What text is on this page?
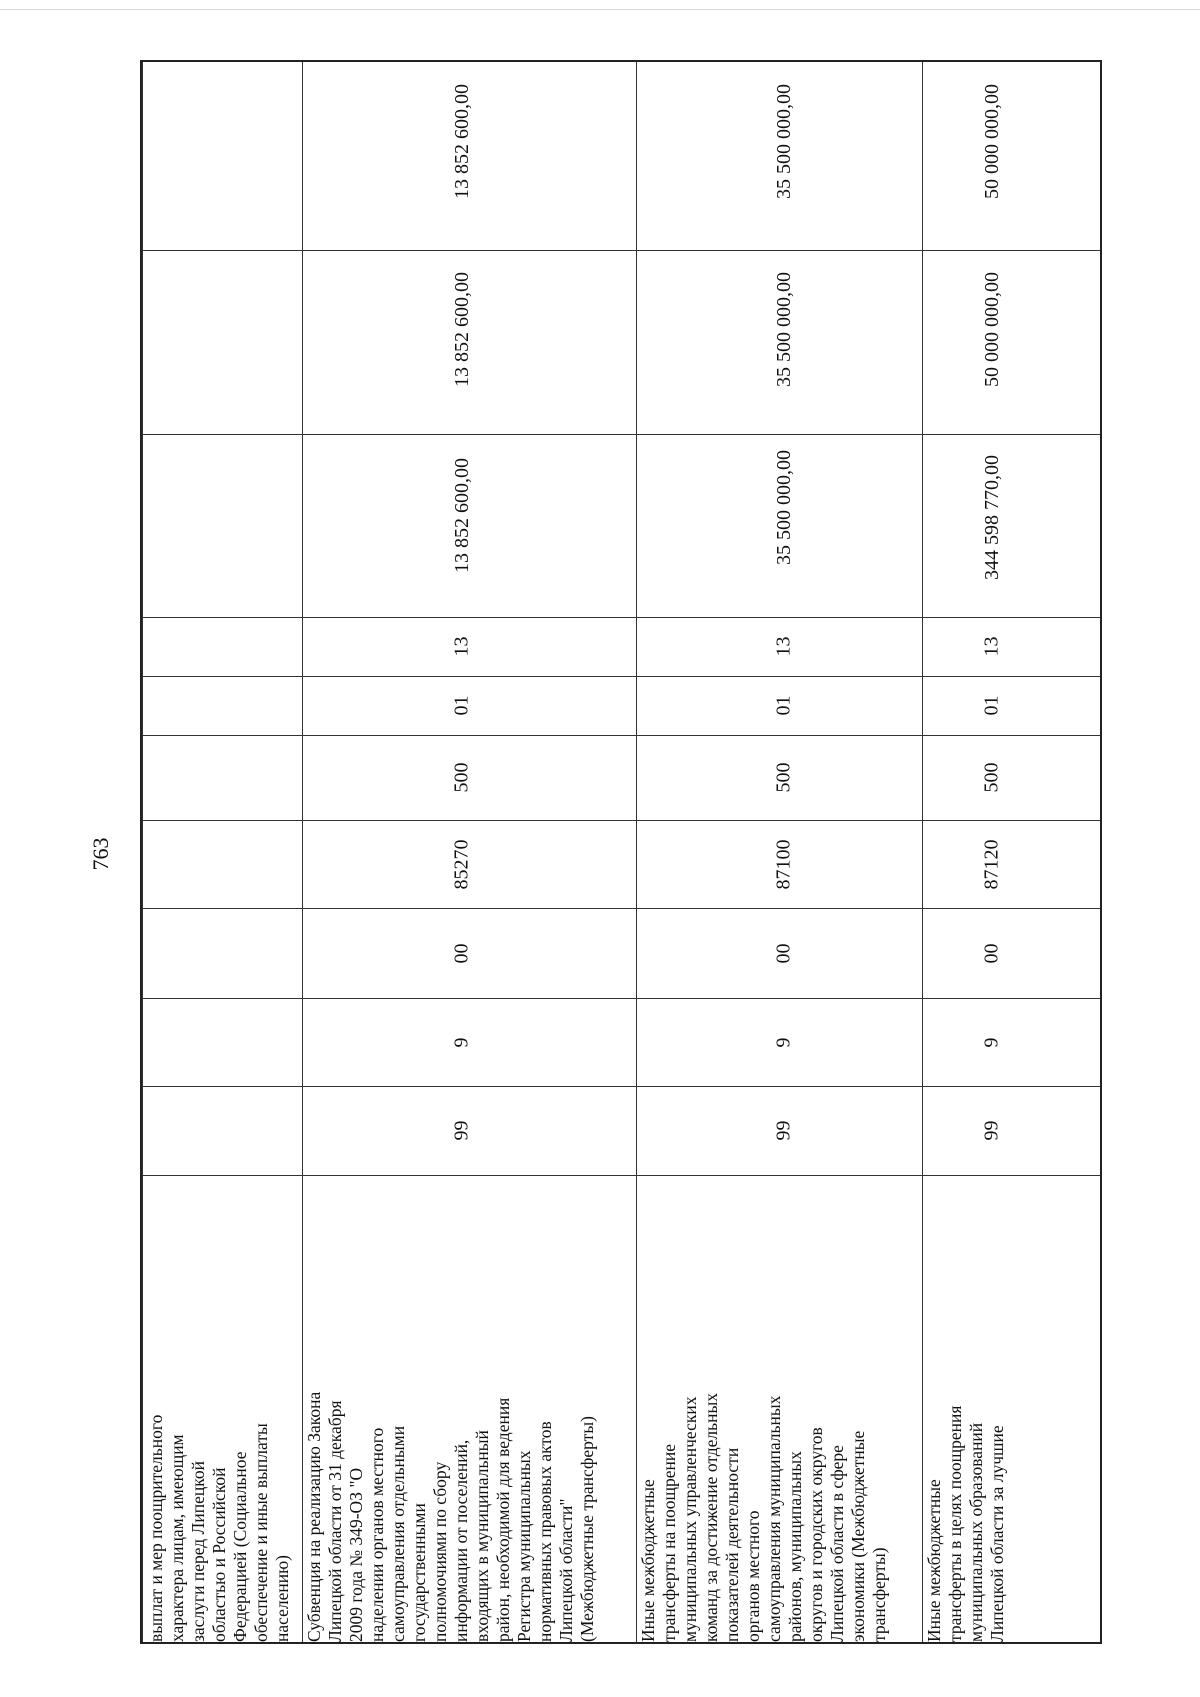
763
выплат и мер поощрительного
характера лицам, имеющим
заслуги перед Липецкой
областью и Российской
Федерацией (Социальное
обеспечение и иные выплаты
населению) Субвенция на реализацию Закона
Липецкой области от 31 декабря
2009 года № 349-ОЗ "О
наделении органов местного
самоуправления отдельными
государственными
полномочиями по сбору
информации от поселений,
входящих в муниципальный
район, необходимой для ведения
Регистра муниципальных
нормативных правовых актов
Липецкой области"
(Межбюджетные трансферты)
99
9
00
85270
500
01
13
13 852 600,00
13 852 600,00
13 852 600,00
Иные межбюджетные
трансферты на поощрение
муниципальных управленческих
команд за достижение отдельных
показателей деятельности
органов местного
самоуправления муниципальных
районов, муниципальных
округов и городских округов
Липецкой области в сфере
экономики (Межбюджетные
трансферты)
99
9
00
87100
500
01
13
35 500 000,00
35 500 000,00
35 500 000,00
Иные межбюджетные
трансферты в целях поощрения
муниципальных образований
Липецкой области за лучшие
99
9
00
87120
500
01
13
344 598 770,00
50 000 000,00
50 000 000,00
